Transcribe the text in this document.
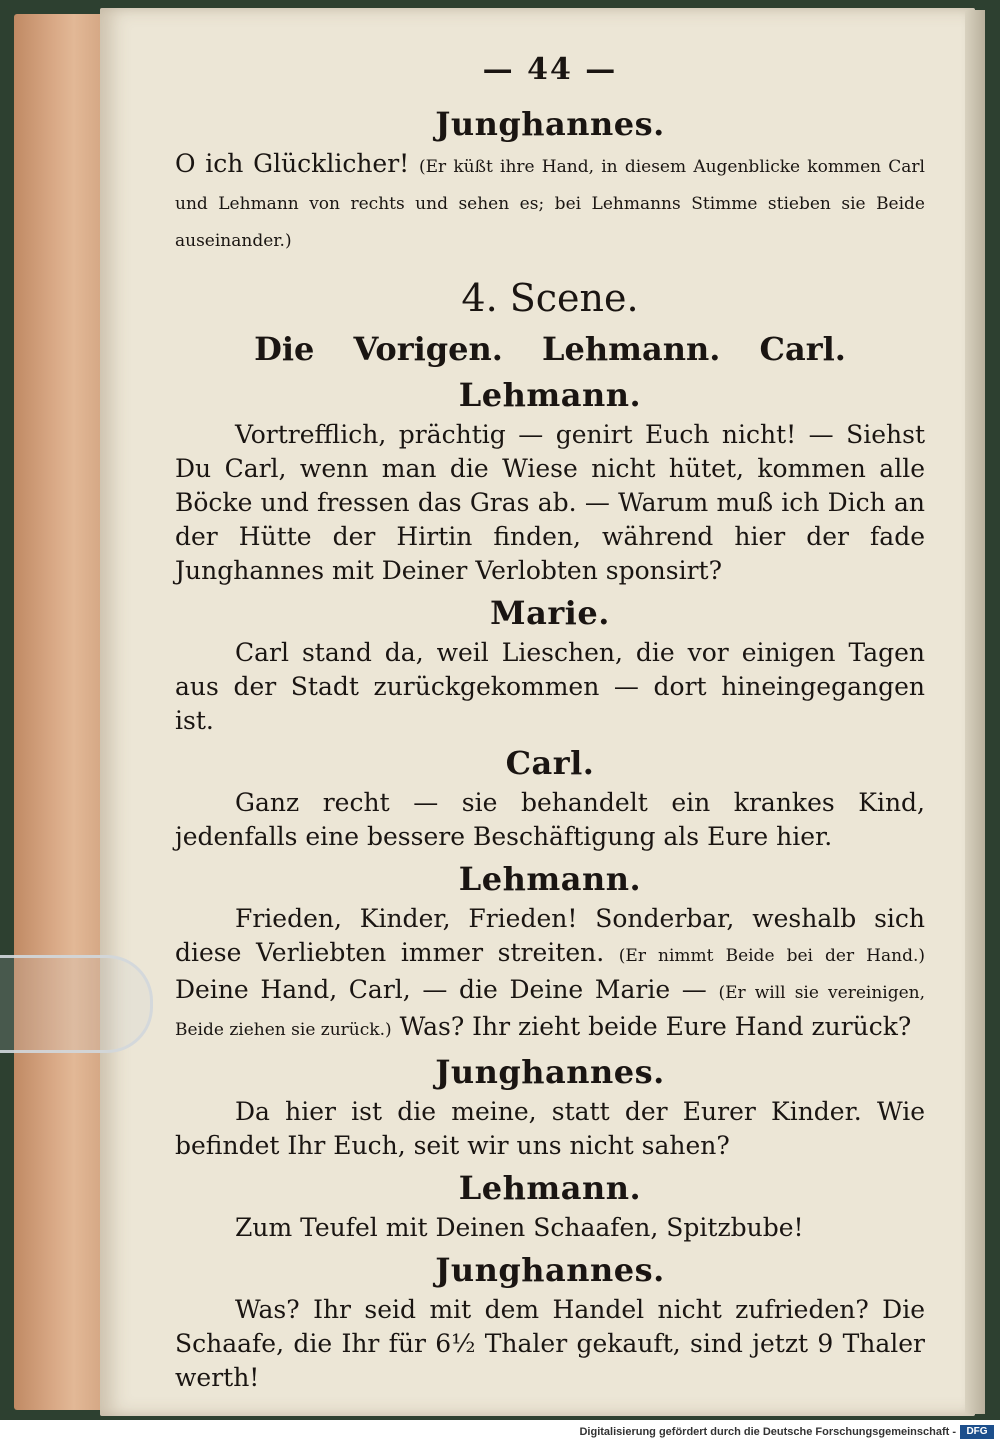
— 44 —
Junghannes.

O ich Glücklicher! (Er küßt ihre Hand, in diesem Augenblicke kommen Carl und Lehmann von rechts und sehen es; bei Lehmanns Stimme stieben sie Beide auseinander.)

4. Scene.
Die Vorigen. Lehmann. Carl.
Lehmann.

Vortrefflich, prächtig — genirt Euch nicht! — Siehst Du Carl, wenn man die Wiese nicht hütet, kommen alle Böcke und fressen das Gras ab. — Warum muß ich Dich an der Hütte der Hirtin finden, während hier der fade Junghannes mit Deiner Verlobten sponsirt?

Marie.

Carl stand da, weil Lieschen, die vor einigen Tagen aus der Stadt zurückgekommen — dort hineingegangen ist.

Carl.

Ganz recht — sie behandelt ein krankes Kind, jedenfalls eine bessere Beschäftigung als Eure hier.

Lehmann.

Frieden, Kinder, Frieden! Sonderbar, weshalb sich diese Verliebten immer streiten. (Er nimmt Beide bei der Hand.) Deine Hand, Carl, — die Deine Marie — (Er will sie vereinigen, Beide ziehen sie zurück.) Was? Ihr zieht beide Eure Hand zurück?

Junghannes.

Da hier ist die meine, statt der Eurer Kinder. Wie befindet Ihr Euch, seit wir uns nicht sahen?

Lehmann.

Zum Teufel mit Deinen Schaafen, Spitzbube!

Junghannes.

Was? Ihr seid mit dem Handel nicht zufrieden? Die Schaafe, die Ihr für 6½ Thaler gekauft, sind jetzt 9 Thaler werth!

Digitalisierung gefördert durch die Deutsche Forschungsgemeinschaft -	DFG
